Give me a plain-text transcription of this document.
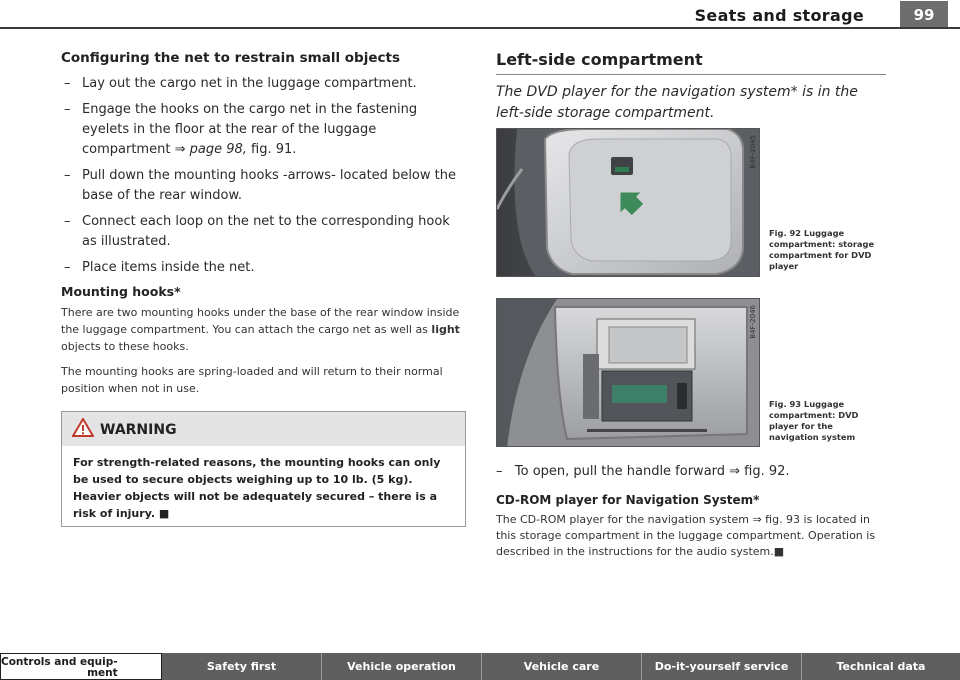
99
Seats and storage
Configuring the net to restrain small objects
– Lay out the cargo net in the luggage compartment.
– Engage the hooks on the cargo net in the fastening eyelets in the floor at the rear of the luggage compartment ⇒ page 98, fig. 91.
– Pull down the mounting hooks -arrows- located below the base of the rear window.
– Connect each loop on the net to the corresponding hook as illustrated.
– Place items inside the net.
Mounting hooks*

There are two mounting hooks under the base of the rear window inside the luggage compartment. You can attach the cargo net as well as light objects to these hooks.

The mounting hooks are spring-loaded and will return to their normal position when not in use.

WARNING
For strength-related reasons, the mounting hooks can only be used to secure objects weighing up to 10 lb. (5 kg). Heavier objects will not be adequately secured – there is a risk of injury. ■
Left-side compartment

The DVD player for the navigation system* is in the left-side storage compartment.

B4F-2045
Fig. 92 Luggage compartment: storage compartment for DVD player
B4F-2046
Fig. 93 Luggage compartment: DVD player for the navigation system
–   To open, pull the handle forward ⇒ fig. 92.
CD-ROM player for Navigation System*

The CD-ROM player for the navigation system ⇒ fig. 93 is located in this storage compartment in the luggage compartment. Operation is described in the instructions for the audio system.■

Controls and equip-
ment	Safety first	Vehicle operation	Vehicle care	Do-it-yourself service	Technical data
